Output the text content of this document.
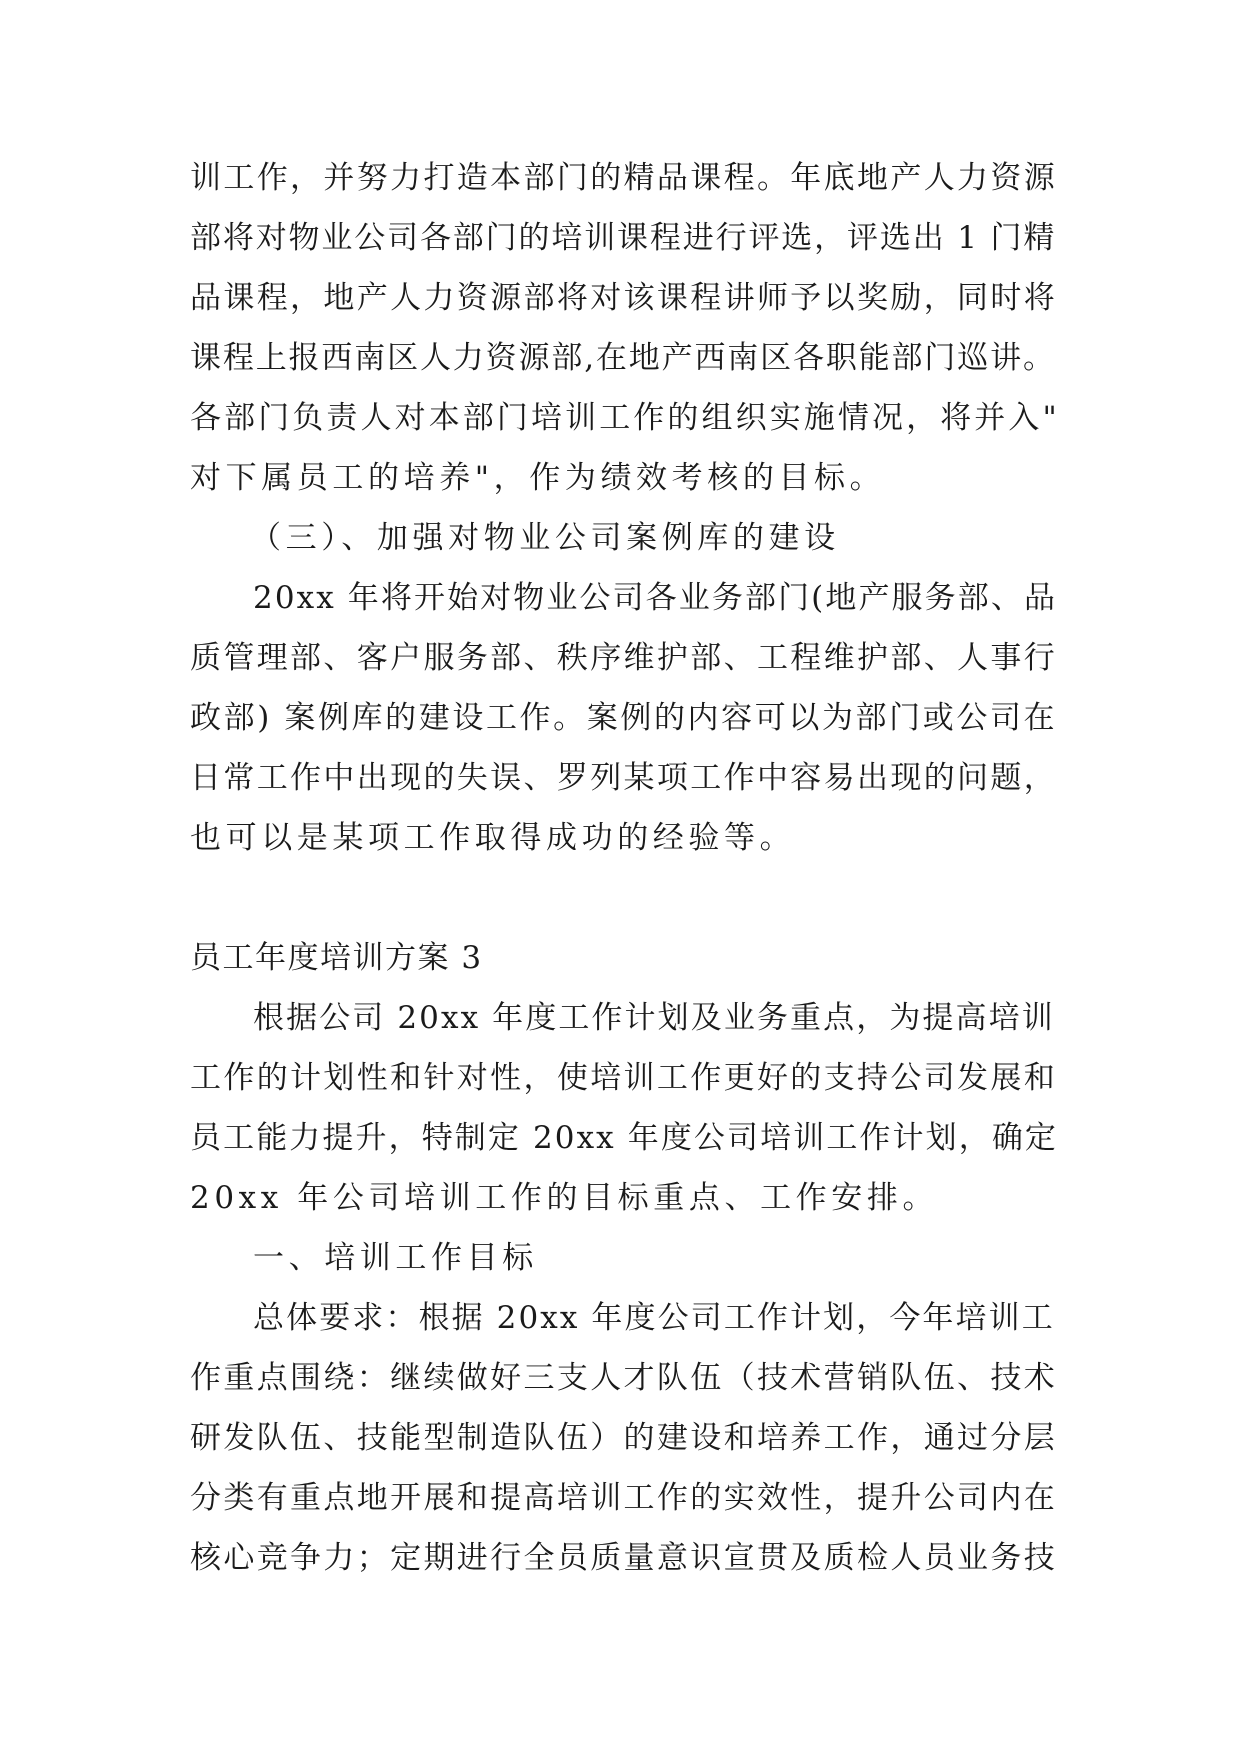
训工作，并努力打造本部门的精品课程。年底地产人力资源
部将对物业公司各部门的培训课程进行评选，评选出 1 门精
品课程，地产人力资源部将对该课程讲师予以奖励，同时将
课程上报西南区人力资源部,在地产西南区各职能部门巡讲。
各部门负责人对本部门培训工作的组织实施情况，将并入"
对下属员工的培养"，作为绩效考核的目标。
（三）、加强对物业公司案例库的建设
20xx 年将开始对物业公司各业务部门(地产服务部、品
质管理部、客户服务部、秩序维护部、工程维护部、人事行
政部) 案例库的建设工作。案例的内容可以为部门或公司在
日常工作中出现的失误、罗列某项工作中容易出现的问题，
也可以是某项工作取得成功的经验等。
员工年度培训方案 3
根据公司 20xx 年度工作计划及业务重点，为提高培训
工作的计划性和针对性，使培训工作更好的支持公司发展和
员工能力提升，特制定 20xx 年度公司培训工作计划，确定
20xx 年公司培训工作的目标重点、工作安排。
一、培训工作目标
总体要求：根据 20xx 年度公司工作计划，今年培训工
作重点围绕：继续做好三支人才队伍（技术营销队伍、技术
研发队伍、技能型制造队伍）的建设和培养工作，通过分层
分类有重点地开展和提高培训工作的实效性，提升公司内在
核心竞争力；定期进行全员质量意识宣贯及质检人员业务技
